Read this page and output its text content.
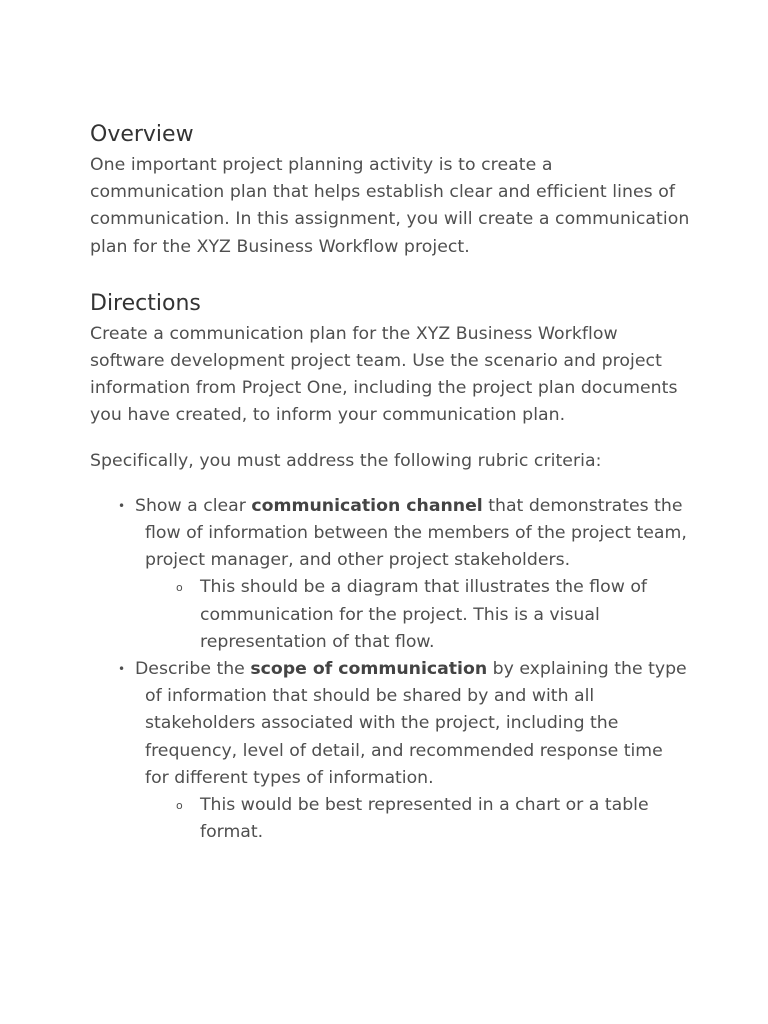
Overview

One important project planning activity is to create a communication plan that helps establish clear and efficient lines of communication. In this assignment, you will create a communication plan for the XYZ Business Workflow project.

Directions

Create a communication plan for the XYZ Business Workflow software development project team. Use the scenario and project information from Project One, including the project plan documents you have created, to inform your communication plan.

Specifically, you must address the following rubric criteria:

• Show a clear communication channel that demonstrates the flow of information between the members of the project team, project manager, and other project stakeholders.
o This should be a diagram that illustrates the flow of communication for the project. This is a visual representation of that flow.
• Describe the scope of communication by explaining the type of information that should be shared by and with all stakeholders associated with the project, including the frequency, level of detail, and recommended response time for different types of information.
o This would be best represented in a chart or a table format.
